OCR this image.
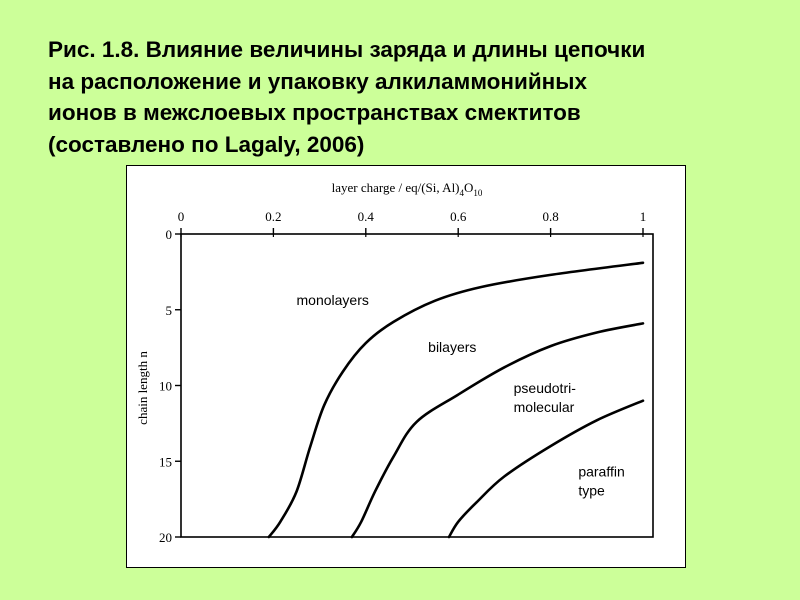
Рис. 1.8. Влияние величины заряда и длины цепочки
на расположение и упаковку алкиламмонийных
ионов в межслоевых пространствах смектитов
(составлено по Lagaly, 2006)
layer charge / eq/(Si, $Al)_4O_{10}$
chain length n
0	0.2	0.4	0.6	0.8	1
0
5
10
15
20
monolayers
bilayers
pseudotri-molecular
paraffin type
